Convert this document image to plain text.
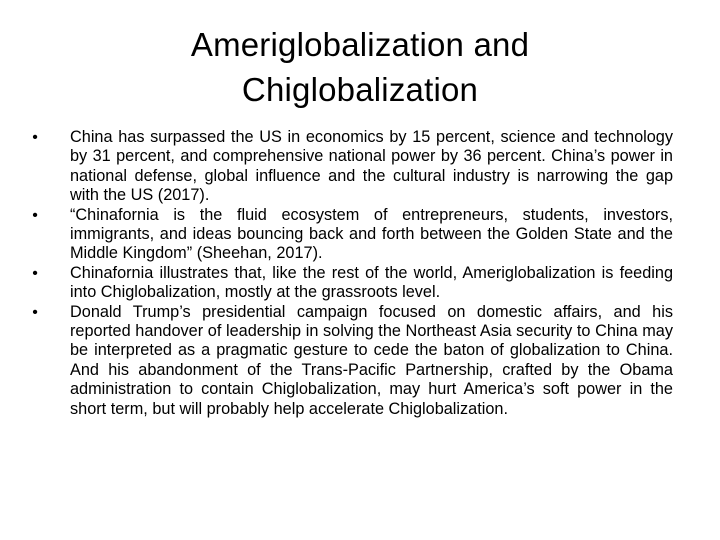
Ameriglobalization and
Chiglobalization
• China has surpassed the US in economics by 15 percent, science and technology by 31 percent, and comprehensive national power by 36 percent. China’s power in national defense, global influence and the cultural industry is narrowing the gap with the US (2017).
• “Chinafornia is the fluid ecosystem of entrepreneurs, students, investors, immigrants, and ideas bouncing back and forth between the Golden State and the Middle Kingdom” (Sheehan, 2017).
• Chinafornia illustrates that, like the rest of the world, Ameriglobalization is feeding into Chiglobalization, mostly at the grassroots level.
• Donald Trump’s presidential campaign focused on domestic affairs, and his reported handover of leadership in solving the Northeast Asia security to China may be interpreted as a pragmatic gesture to cede the baton of globalization to China. And his abandonment of the Trans-Pacific Partnership, crafted by the Obama administration to contain Chiglobalization, may hurt America’s soft power in the short term, but will probably help accelerate Chiglobalization.
